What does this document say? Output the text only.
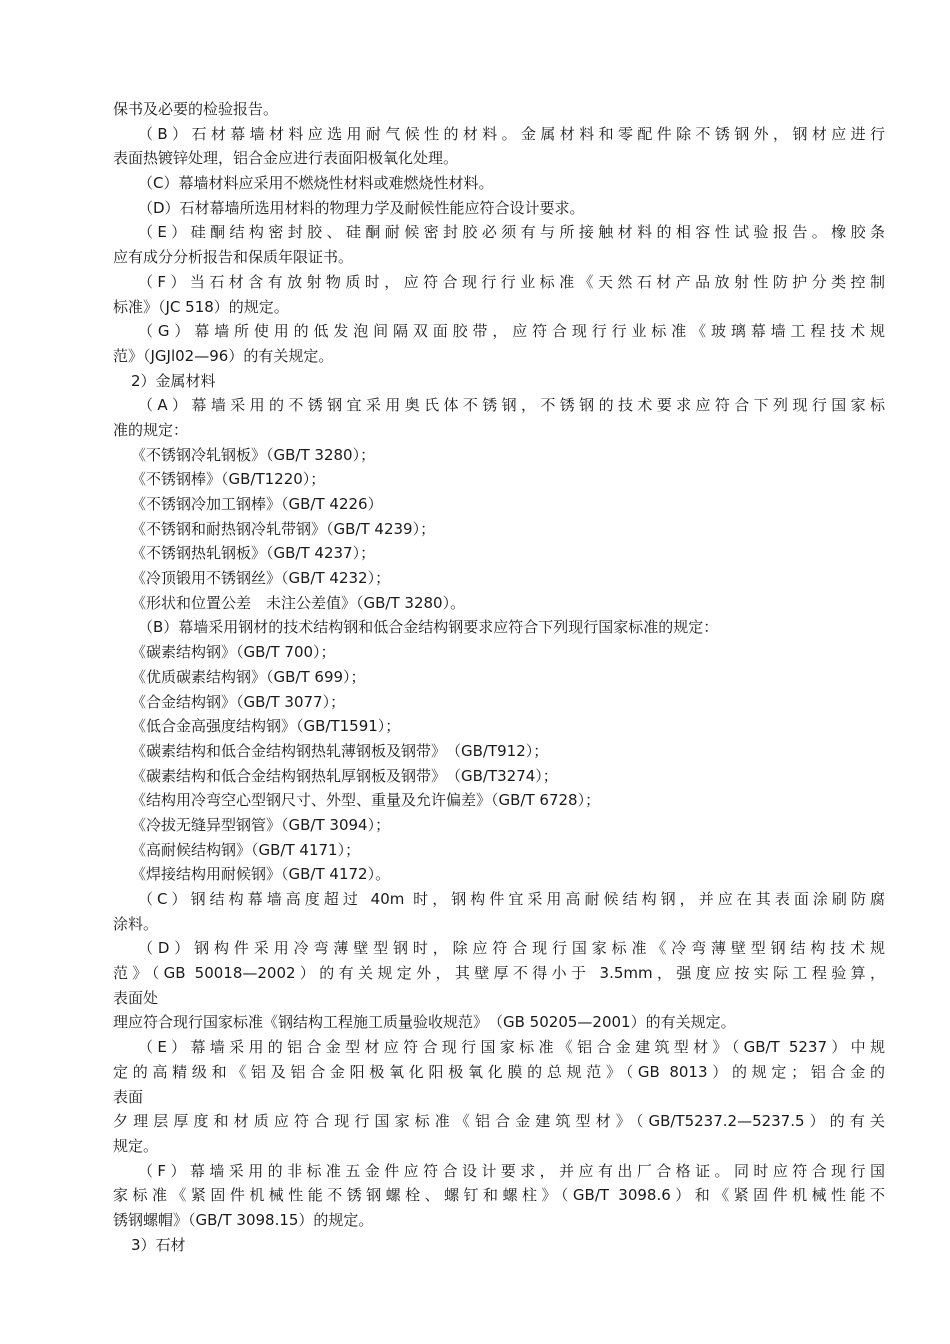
保书及必要的检验报告。
（B）石材幕墙材料应选用耐气候性的材料。金属材料和零配件除不锈钢外，钢材应进行
表面热镀锌处理，铝合金应进行表面阳极氧化处理。
（C）幕墙材料应采用不燃烧性材料或难燃烧性材料。
（D）石材幕墙所选用材料的物理力学及耐候性能应符合设计要求。
（E）硅酮结构密封胶、硅酮耐候密封胶必须有与所接触材料的相容性试验报告。橡胶条
应有成分分析报告和保质年限证书。
（F）当石材含有放射物质时，应符合现行行业标准《天然石材产品放射性防护分类控制
标准》（JC 518）的规定。
（G）幕墙所使用的低发泡间隔双面胶带，应符合现行行业标准《玻璃幕墙工程技术规
范》（JGJl02—96）的有关规定。
2）金属材料
（A）幕墙采用的不锈钢宜采用奥氏体不锈钢，不锈钢的技术要求应符合下列现行国家标
准的规定：
《不锈钢冷轧钢板》（GB/T 3280）；
《不锈钢棒》（GB/T1220）；
《不锈钢冷加工钢棒》（GB/T 4226）
《不锈钢和耐热钢冷轧带钢》（GB/T 4239）；
《不锈钢热轧钢板》（GB/T 4237）；
《冷顶锻用不锈钢丝》（GB/T 4232）；
《形状和位置公差　未注公差值》（GB/T 3280）。
（B）幕墙采用钢材的技术结构钢和低合金结构钢要求应符合下列现行国家标准的规定：
《碳素结构钢》（GB/T 700）；
《优质碳素结构钢》（GB/T 699）；
《合金结构钢》（GB/T 3077）；
《低合金高强度结构钢》（GB/T1591）；
《碳素结构和低合金结构钢热轧薄钢板及钢带》　（GB/T912）；
《碳素结构和低合金结构钢热轧厚钢板及钢带》　（GB/T3274）；
《结构用冷弯空心型钢尺寸、外型、重量及允许偏差》（GB/T 6728）；
《冷拔无缝异型钢管》（GB/T 3094）；
《高耐候结构钢》（GB/T 4171）；
《焊接结构用耐候钢》（GB/T 4172）。
（C）钢结构幕墙高度超过 40m 时，钢构件宜采用高耐候结构钢，并应在其表面涂刷防腐
涂料。
（D）钢构件采用冷弯薄壁型钢时，除应符合现行国家标准《冷弯薄壁型钢结构技术规
范》（GB 50018—2002）的有关规定外，其壁厚不得小于 3.5mm，强度应按实际工程验算，
表面处
理应符合现行国家标准《钢结构工程施工质量验收规范》　（GB 50205—2001）的有关规定。
（E）幕墙采用的铝合金型材应符合现行国家标准《铝合金建筑型材》（GB/T 5237）中规
定的高精级和《铝及铝合金阳极氧化阳极氧化膜的总规范》（GB 8013）的规定；铝合金的
表面
夕理层厚度和材质应符合现行国家标准《铝合金建筑型材》（GB/T5237.2—5237.5）的有关
规定。
（F）幕墙采用的非标准五金件应符合设计要求，并应有出厂合格证。同时应符合现行国
家标准《紧固件机械性能不锈钢螺栓、螺钉和螺柱》（GB/T 3098.6）和《紧固件机械性能不
锈钢螺帽》（GB/T 3098.15）的规定。
3）石材
